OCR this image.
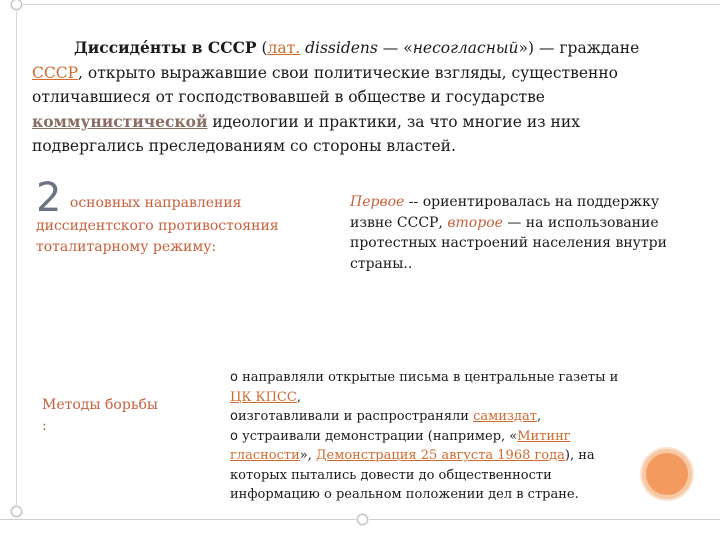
Диссиде́нты в СССР (лат. dissidens — «несогласный») — граждане СССР, открыто выражавшие свои политические взгляды, существенно отличавшиеся от господствовавшей в обществе и государстве коммунистической идеологии и практики, за что многие из них подвергались преследованиям со стороны властей.

2 основных направления
диссидентского противостояния тоталитарному режиму:
Первое -- ориентировалась на поддержку извне СССР, второе — на использование протестных настроений населения внутри страны..
Методы борьбы :
o направляли открытые письма в центральные газеты и ЦК КПСС,
oизготавливали и распространяли самиздат,
o устраивали демонстрации (например, «Митинг гласности», Демонстрация 25 августа 1968 года), на которых пытались довести до общественности информацию о реальном положении дел в стране.
